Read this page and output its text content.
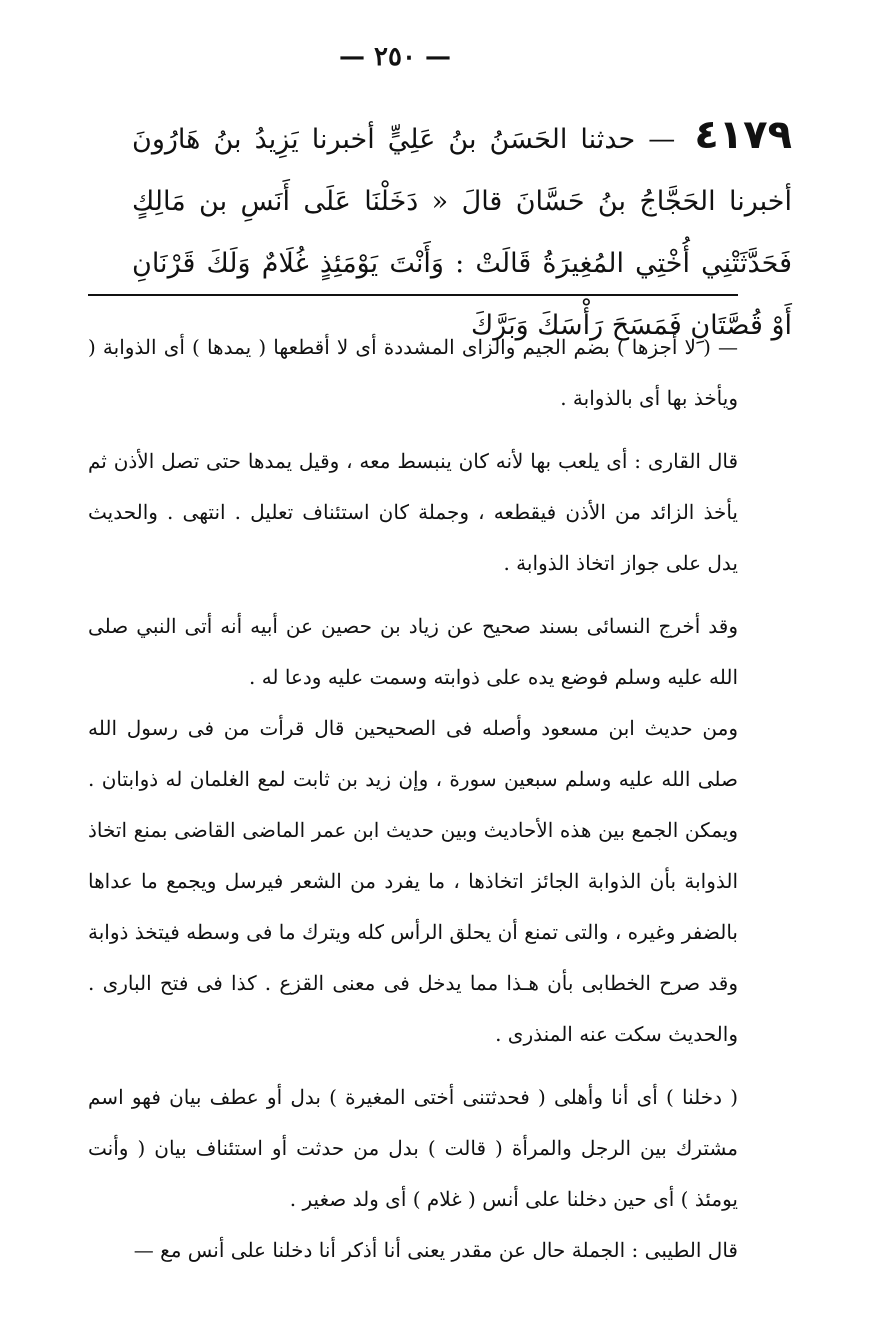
— ٢٥٠ —
٤١٧٩ — حدثنا الحَسَنُ بنُ عَلِيٍّ أخبرنا يَزِيدُ بنُ هَارُونَ أخبرنا الحَجَّاجُ بنُ حَسَّانَ قالَ « دَخَلْنَا عَلَى أَنَسِ بن مَالِكٍ فَحَدَّثَتْنِي أُخْتِي المُغِيرَةُ قَالَتْ : وَأَنْتَ يَوْمَئِذٍ غُلَامٌ وَلَكَ قَرْنَانِ أَوْ قُصَّتَانِ فَمَسَحَ رَأْسَكَ وَبَرَّكَ

— ( لا أجزها ) بضم الجيم والزاى المشددة أى لا أقطعها ( يمدها ) أى الذوابة ( ويأخذ بها أى بالذوابة .

قال القارى : أى يلعب بها لأنه كان ينبسط معه ، وقيل يمدها حتى تصل الأذن ثم يأخذ الزائد من الأذن فيقطعه ، وجملة كان استئناف تعليل . انتهى . والحديث يدل على جواز اتخاذ الذوابة .

وقد أخرج النسائى بسند صحيح عن زياد بن حصين عن أبيه أنه أتى النبي صلى الله عليه وسلم فوضع يده على ذوابته وسمت عليه ودعا له .

ومن حديث ابن مسعود وأصله فى الصحيحين قال قرأت من فى رسول الله صلى الله عليه وسلم سبعين سورة ، وإن زيد بن ثابت لمع الغلمان له ذوابتان . ويمكن الجمع بين هذه الأحاديث وبين حديث ابن عمر الماضى القاضى بمنع اتخاذ الذوابة بأن الذوابة الجائز اتخاذها ، ما يفرد من الشعر فيرسل ويجمع ما عداها بالضفر وغيره ، والتى تمنع أن يحلق الرأس كله ويترك ما فى وسطه فيتخذ ذوابة وقد صرح الخطابى بأن هـذا مما يدخل فى معنى القزع . كذا فى فتح البارى . والحديث سكت عنه المنذرى .

( دخلنا ) أى أنا وأهلى ( فحدثتنى أختى المغيرة ) بدل أو عطف بيان فهو اسم مشترك بين الرجل والمرأة ( قالت ) بدل من حدثت أو استئناف بيان ( وأنت يومئذ ) أى حين دخلنا على أنس ( غلام ) أى ولد صغير .

قال الطيبى : الجملة حال عن مقدر يعنى أنا أذكر أنا دخلنا على أنس مع —
